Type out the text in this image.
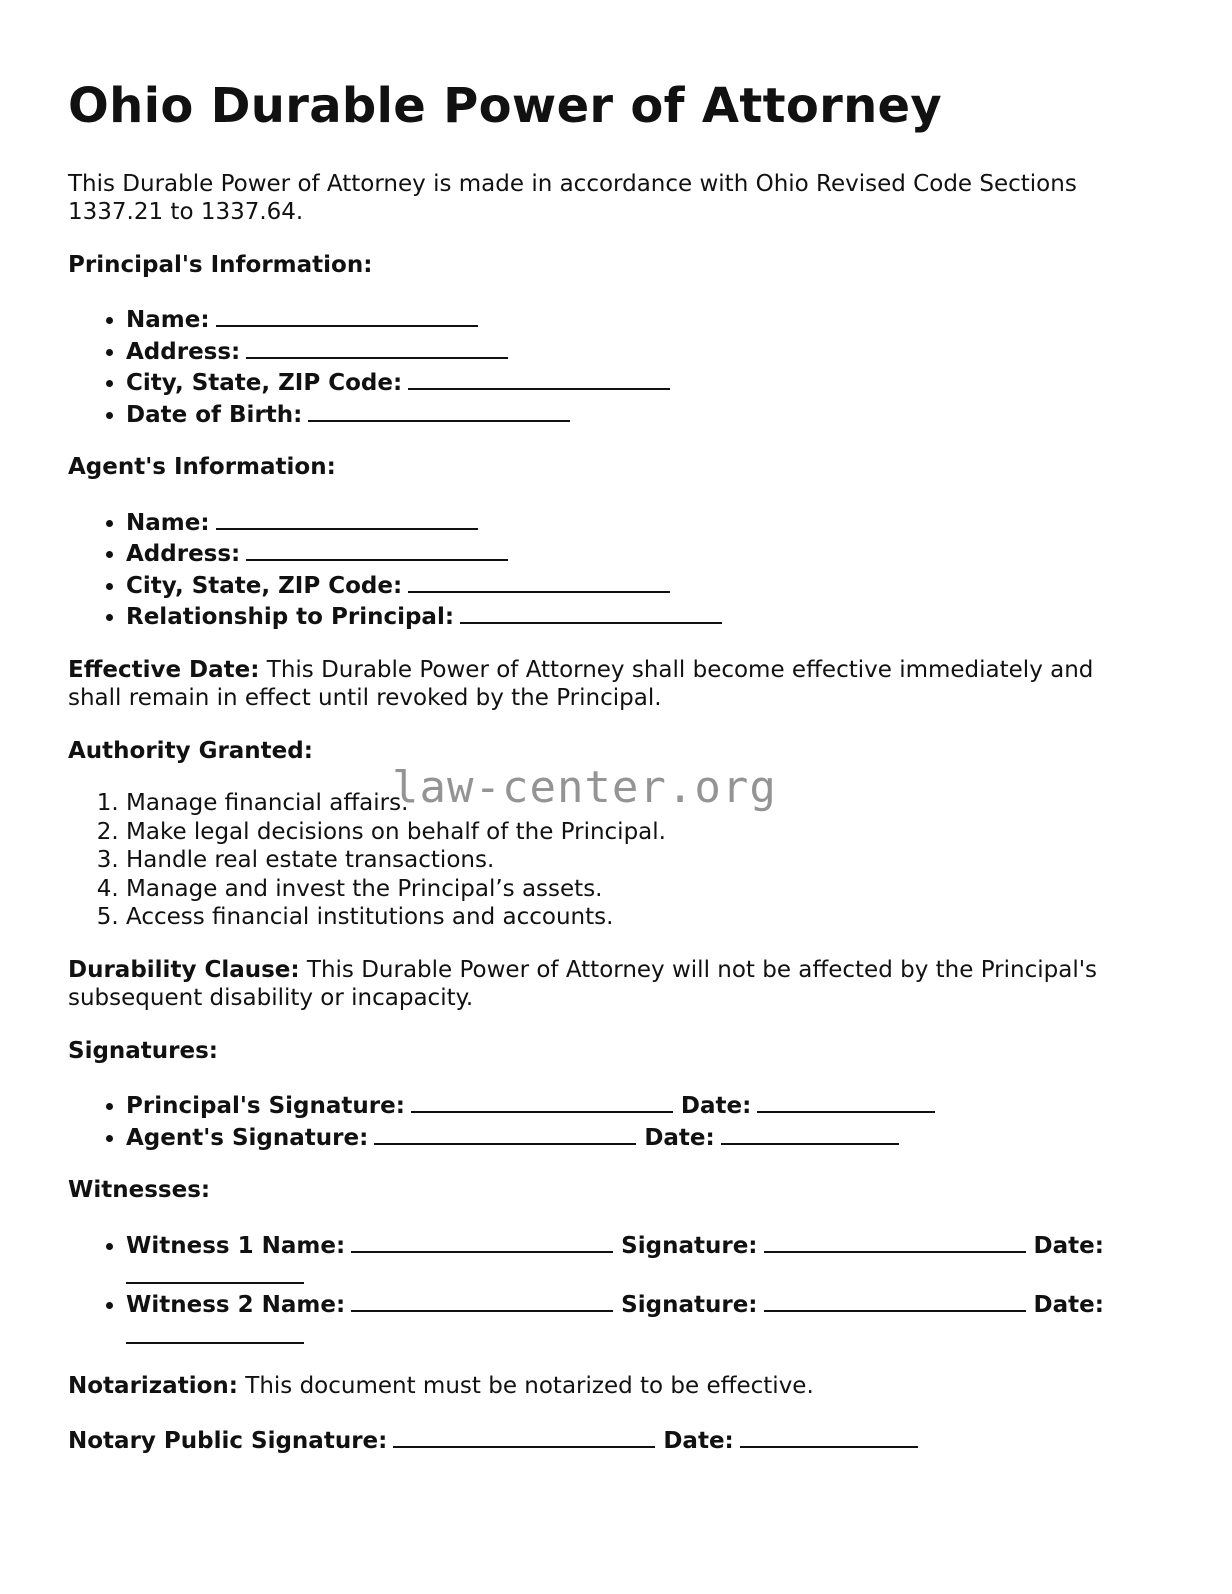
Ohio Durable Power of Attorney

This Durable Power of Attorney is made in accordance with Ohio Revised Code Sections 1337.21 to 1337.64.

Principal's Information:

• Name:
• Address:
• City, State, ZIP Code:
• Date of Birth:

Agent's Information:

• Name:
• Address:
• City, State, ZIP Code:
• Relationship to Principal:

Effective Date: This Durable Power of Attorney shall become effective immediately and shall remain in effect until revoked by the Principal.

Authority Granted:

1. Manage financial affairs.
2. Make legal decisions on behalf of the Principal.
3. Handle real estate transactions.
4. Manage and invest the Principal’s assets.
5. Access financial institutions and accounts.

Durability Clause: This Durable Power of Attorney will not be affected by the Principal's subsequent disability or incapacity.

Signatures:

• Principal's Signature:	Date:
• Agent's Signature:	Date:

Witnesses:

• Witness 1 Name:	Signature:	Date:
• Witness 2 Name:	Signature:	Date:

Notarization: This document must be notarized to be effective.

Notary Public Signature:	Date:

law-center.org
